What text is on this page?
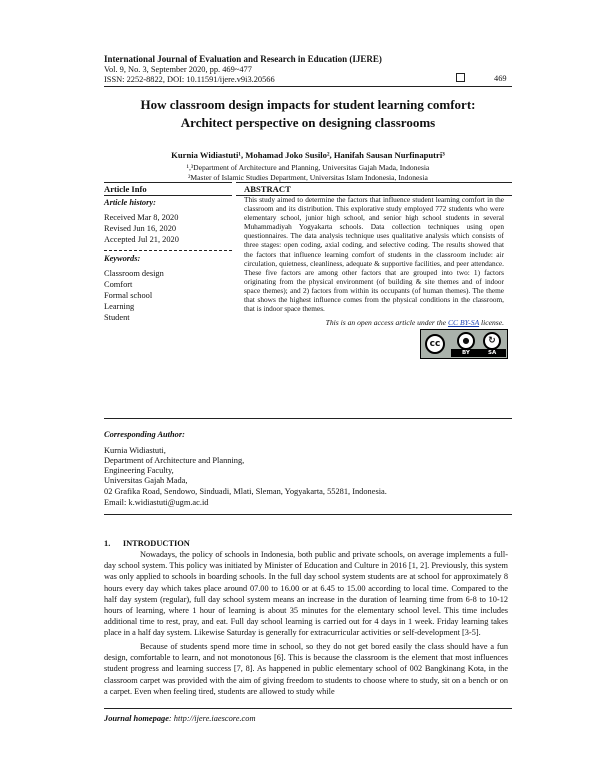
International Journal of Evaluation and Research in Education (IJERE)
Vol. 9, No. 3, September 2020, pp. 469~477
ISSN: 2252-8822, DOI: 10.11591/ijere.v9i3.20566	469
How classroom design impacts for student learning comfort:
Architect perspective on designing classrooms
Kurnia Widiastuti¹, Mohamad Joko Susilo², Hanifah Sausan Nurfinaputri³
¹,³Department of Architecture and Planning, Universitas Gajah Mada, Indonesia
²Master of Islamic Studies Department, Universitas Islam Indonesia, Indonesia
Article Info
Article history:
Received Mar 8, 2020
Revised Jun 16, 2020
Accepted Jul 21, 2020
Keywords:
Classroom design
Comfort
Formal school
Learning
Student
ABSTRACT
This study aimed to determine the factors that influence student learning comfort in the classroom and its distribution. This explorative study employed 772 students who were elementary school, junior high school, and senior high school students in several Muhammadiyah Yogyakarta schools. Data collection techniques using open questionnaires. The data analysis technique uses qualitative analysis which consists of three stages: open coding, axial coding, and selective coding. The results showed that the factors that influence learning comfort of students in the classroom include: air circulation, quietness, cleanliness, adequate & supportive facilities, and peer attendance. These five factors are among other factors that are grouped into two: 1) factors originating from the physical environment (of building & site themes and of indoor space themes); and 2) factors from within its occupants (of human themes). The theme that shows the highest influence comes from the physical conditions in the classroom, that is indoor space themes.
This is an open access article under the CC BY-SA license.
cc	●	↻
BY	SA
Corresponding Author:
Kurnia Widiastuti,
Department of Architecture and Planning,
Engineering Faculty,
Universitas Gajah Mada,
02 Grafika Road, Sendowo, Sinduadi, Mlati, Sleman, Yogyakarta, 55281, Indonesia.
Email: k.widiastuti@ugm.ac.id
1.      INTRODUCTION
Nowadays, the policy of schools in Indonesia, both public and private schools, on average implements a full-day school system. This policy was initiated by Minister of Education and Culture in 2016 [1, 2]. Previously, this system was only applied to schools in boarding schools. In the full day school system students are at school for approximately 8 hours every day which takes place around 07.00 to 16.00 or at 6.45 to 15.00 according to local time. Compared to the half day system (regular), full day school system means an increase in the duration of learning time from 6-8 to 10-12 hours of learning, where 1 hour of learning is about 35 minutes for the elementary school level. This time includes additional time to rest, pray, and eat. Full day school learning is carried out for 4 days in 1 week. Friday learning takes place in a half day system. Likewise Saturday is generally for extracurricular activities or self-development [3-5].
Because of students spend more time in school, so they do not get bored easily the class should have a fun design, comfortable to learn, and not monotonous [6]. This is because the classroom is the element that most influences student progress and learning success [7, 8]. As happened in public elementary school of 002 Bangkinang Kota, in the classroom carpet was provided with the aim of giving freedom to students to choose where to study, sit on a bench or on a carpet. Even when feeling tired, students are allowed to study while
Journal homepage: http://ijere.iaescore.com
